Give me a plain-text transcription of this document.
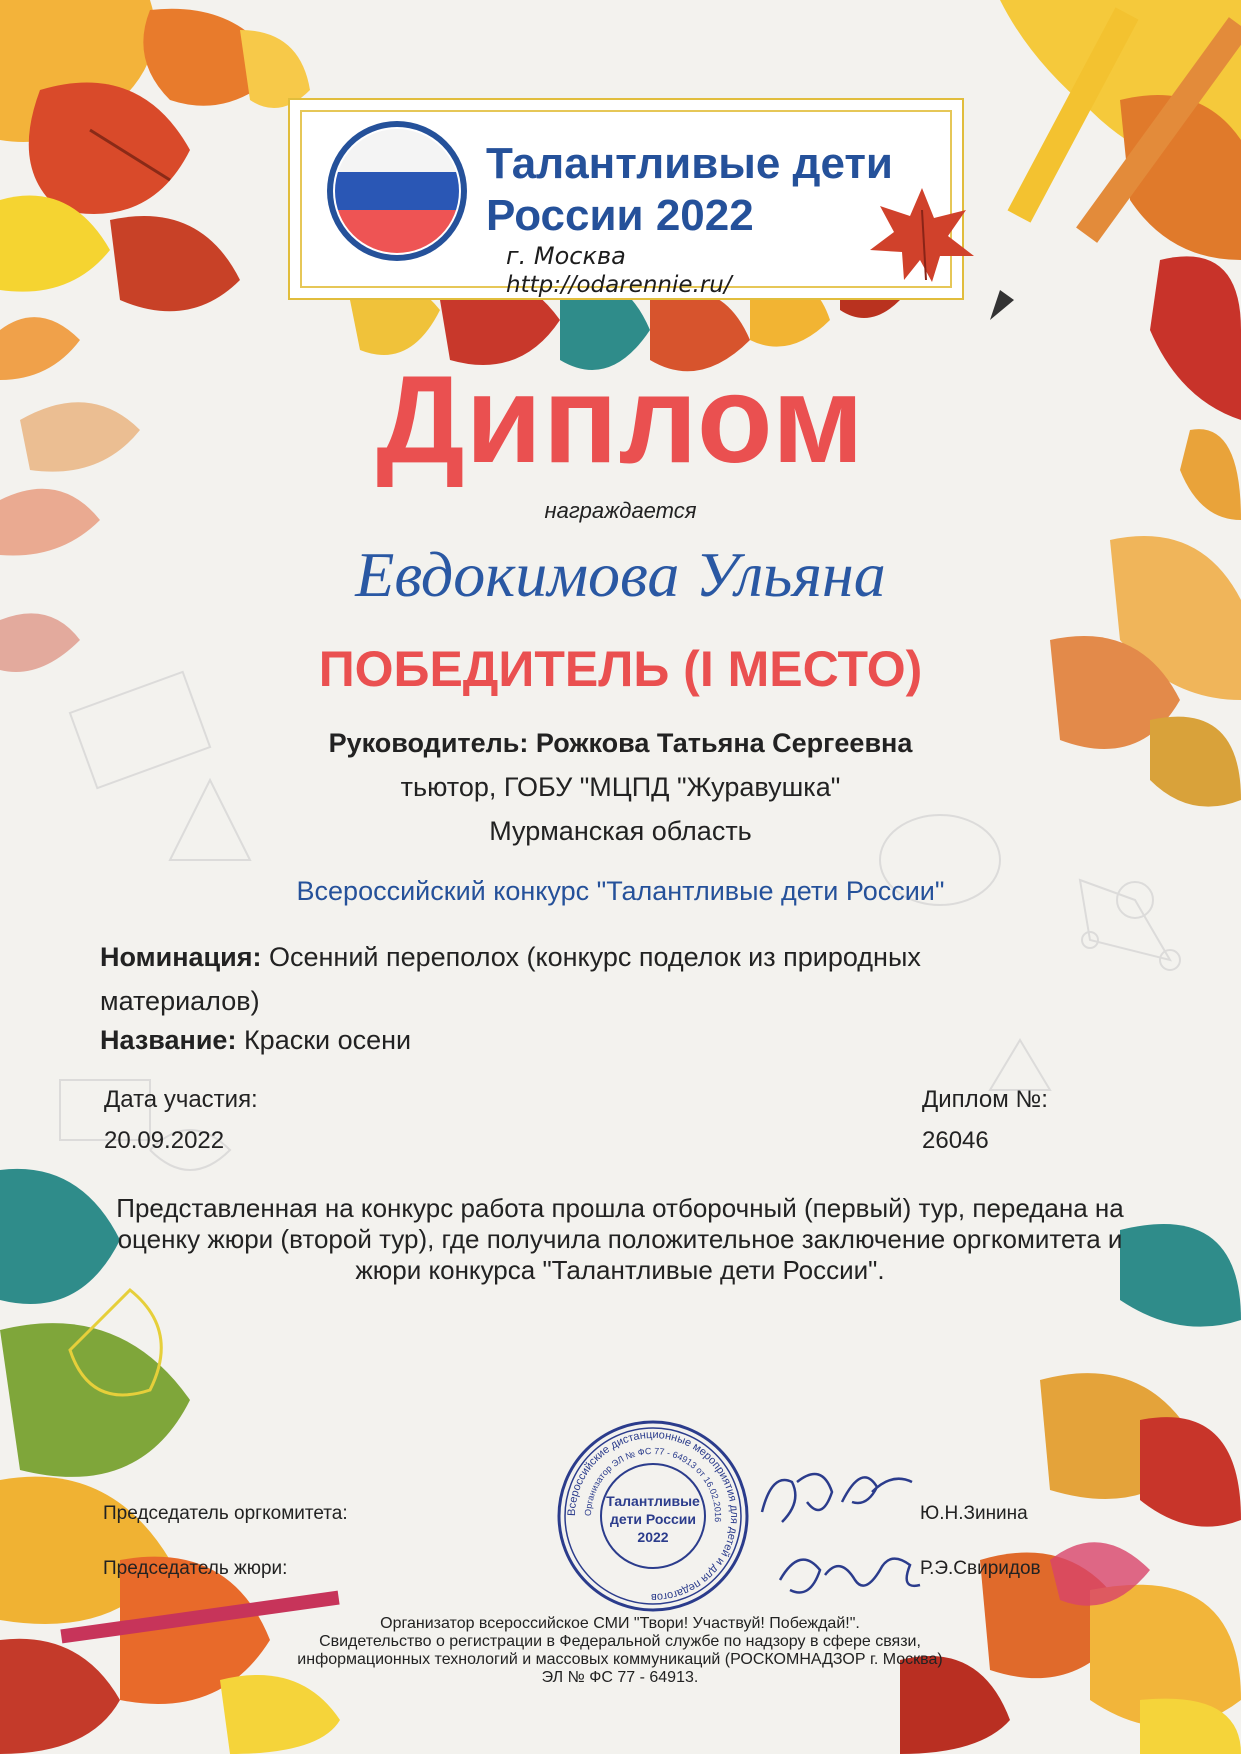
Талантливые дети
России 2022
г. Москва
http://odarennie.ru/
Диплом
награждается
Евдокимова Ульяна
ПОБЕДИТЕЛЬ (I МЕСТО)
Руководитель: Рожкова Татьяна Сергеевна
тьютор, ГОБУ "МЦПД "Журавушка"
Мурманская область
Всероссийский конкурс "Талантливые дети России"
Номинация: Осенний переполох (конкурс поделок из природных материалов)
Название: Краски осени
Дата участия:
20.09.2022
Диплом №:
26046
Представленная на конкурс работа прошла отборочный (первый) тур, передана на оценку жюри (второй тур), где получила положительное заключение оргкомитета и жюри конкурса "Талантливые дети России".
Всероссийские дистанционные мероприятия для детей и для педагогов
Организатор ЭЛ № ФС 77 - 64913 от 16.02.2016
Талантливые
дети России
2022
Председатель оргкомитета:	Ю.Н.Зинина
Председатель жюри:	Р.Э.Свиридов
Организатор всероссийское СМИ "Твори! Участвуй! Побеждай!".
Свидетельство о регистрации в Федеральной службе по надзору в сфере связи,
информационных технологий и массовых коммуникаций (РОСКОМНАДЗОР г. Москва)
ЭЛ № ФС 77 - 64913.
